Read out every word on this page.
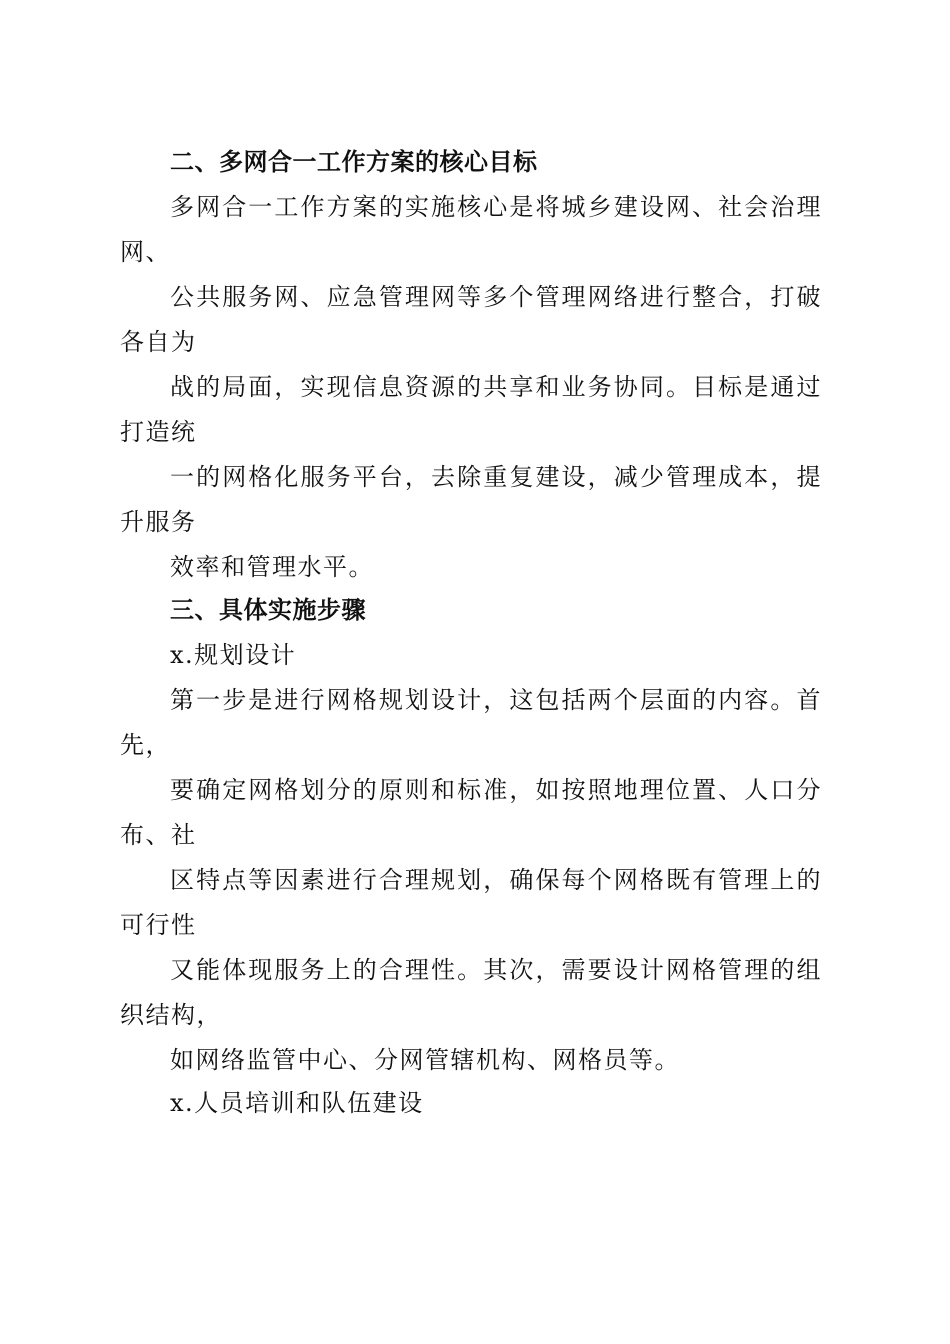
二、多网合一工作方案的核心目标
多网合一工作方案的实施核心是将城乡建设网、社会治理
网、
公共服务网、应急管理网等多个管理网络进行整合，打破
各自为
战的局面，实现信息资源的共享和业务协同。目标是通过
打造统
一的网格化服务平台，去除重复建设，减少管理成本，提
升服务
效率和管理水平。
三、具体实施步骤
x.规划设计
第一步是进行网格规划设计，这包括两个层面的内容。首
先，
要确定网格划分的原则和标准，如按照地理位置、人口分
布、社
区特点等因素进行合理规划，确保每个网格既有管理上的
可行性
又能体现服务上的合理性。其次，需要设计网格管理的组
织结构，
如网络监管中心、分网管辖机构、网格员等。
x.人员培训和队伍建设
